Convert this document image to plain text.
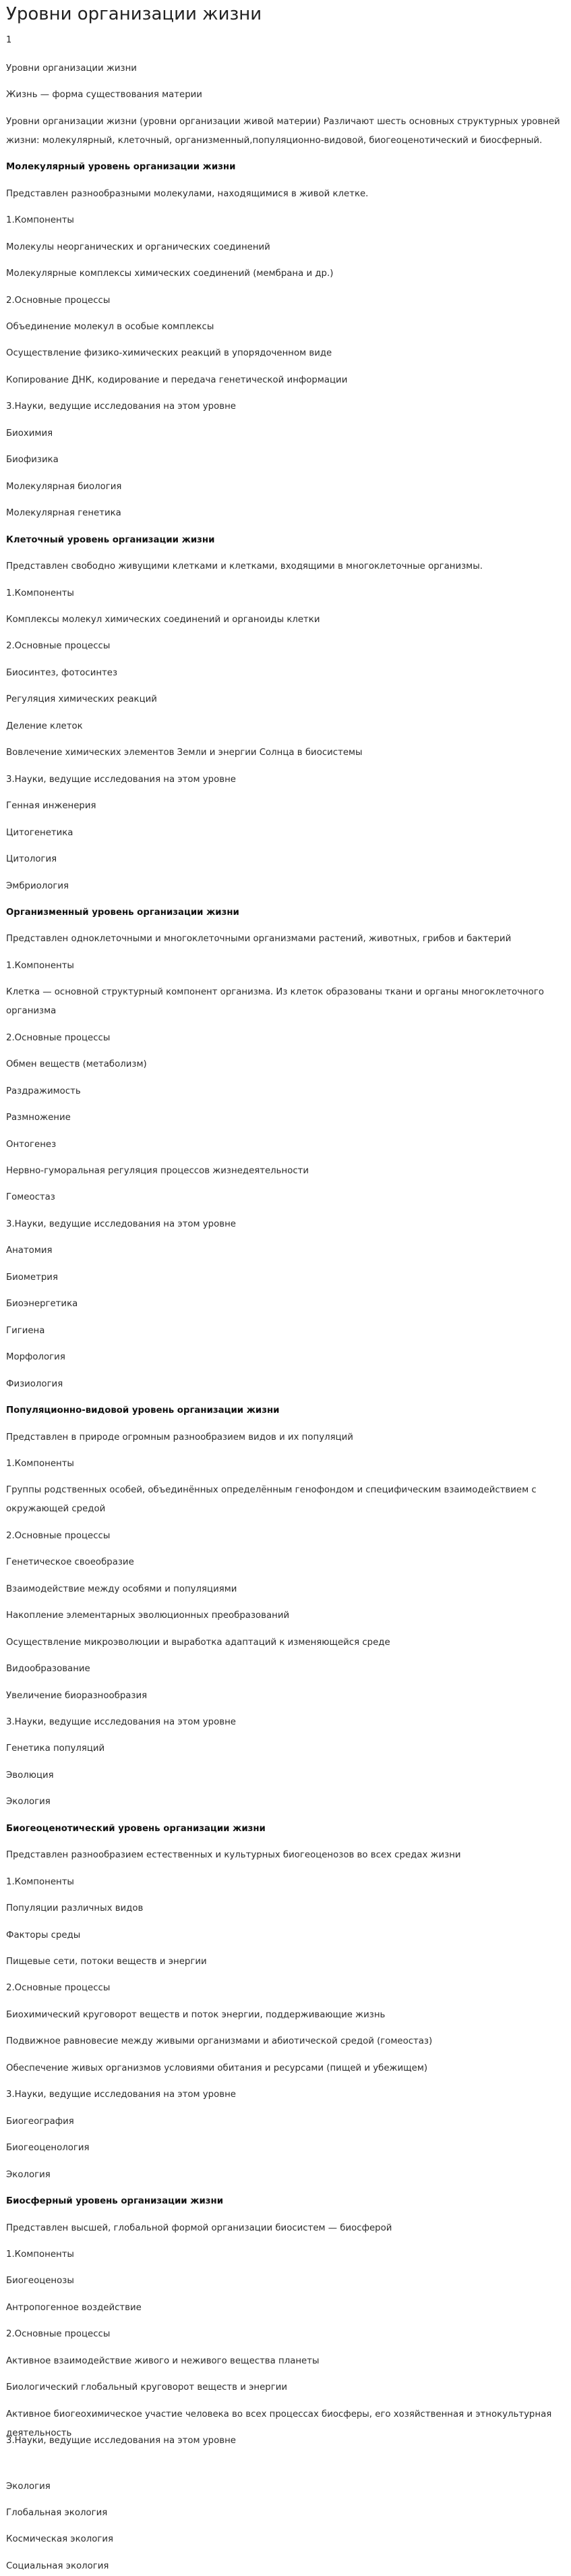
Уровни организации жизни
1
Уровни организации жизни
Жизнь — форма существования материи
Уровни организации жизни (уровни организации живой материи) Различают шесть основных структурных уровней жизни: молекулярный, клеточный, организменный,популяционно-видовой, биогеоценотический и биосферный.
Молекулярный уровень организации жизни
Представлен разнообразными молекулами, находящимися в живой клетке.
1.Компоненты
Молекулы неорганических и органических соединений
Молекулярные комплексы химических соединений (мембрана и др.)
2.Основные процессы
Объединение молекул в особые комплексы
Осуществление физико-химических реакций в упорядоченном виде
Копирование ДНК, кодирование и передача генетической информации
3.Науки, ведущие исследования на этом уровне
Биохимия
Биофизика
Молекулярная биология
Молекулярная генетика
Клеточный уровень организации жизни
Представлен свободно живущими клетками и клетками, входящими в многоклеточные организмы.
1.Компоненты
Комплексы молекул химических соединений и органоиды клетки
2.Основные процессы
Биосинтез, фотосинтез
Регуляция химических реакций
Деление клеток
Вовлечение химических элементов Земли и энергии Солнца в биосистемы
3.Науки, ведущие исследования на этом уровне
Генная инженерия
Цитогенетика
Цитология
Эмбриология
Организменный уровень организации жизни
Представлен одноклеточными и многоклеточными организмами растений, животных, грибов и бактерий
1.Компоненты
Клетка — основной структурный компонент организма. Из клеток образованы ткани и органы многоклеточного организма
2.Основные процессы
Обмен веществ (метаболизм)
Раздражимость
Размножение
Онтогенез
Нервно-гуморальная регуляция процессов жизнедеятельности
Гомеостаз
3.Науки, ведущие исследования на этом уровне
Анатомия
Биометрия
Биоэнергетика
Гигиена
Морфология
Физиология
Популяционно-видовой уровень организации жизни
Представлен в природе огромным разнообразием видов и их популяций
1.Компоненты
Группы родственных особей, объединённых определённым генофондом и специфическим взаимодействием с окружающей средой
2.Основные процессы
Генетическое своеобразие
Взаимодействие между особями и популяциями
Накопление элементарных эволюционных преобразований
Осуществление микроэволюции и выработка адаптаций к изменяющейся среде
Видообразование
Увеличение биоразнообразия
3.Науки, ведущие исследования на этом уровне
Генетика популяций
Эволюция
Экология
Биогеоценотический уровень организации жизни
Представлен разнообразием естественных и культурных биогеоценозов во всех средах жизни
1.Компоненты
Популяции различных видов
Факторы среды
Пищевые сети, потоки веществ и энергии
2.Основные процессы
Биохимический круговорот веществ и поток энергии, поддерживающие жизнь
Подвижное равновесие между живыми организмами и абиотической средой (гомеостаз)
Обеспечение живых организмов условиями обитания и ресурсами (пищей и убежищем)
3.Науки, ведущие исследования на этом уровне
Биогеография
Биогеоценология
Экология
Биосферный уровень организации жизни
Представлен высшей, глобальной формой организации биосистем — биосферой
1.Компоненты
Биогеоценозы
Антропогенное воздействие
2.Основные процессы
Активное взаимодействие живого и неживого вещества планеты
Биологический глобальный круговорот веществ и энергии
Активное биогеохимическое участие человека во всех процессах биосферы, его хозяйственная и этнокультурная деятельность
3.Науки, ведущие исследования на этом уровне
Экология
Глобальная экология
Космическая экология
Социальная экология
